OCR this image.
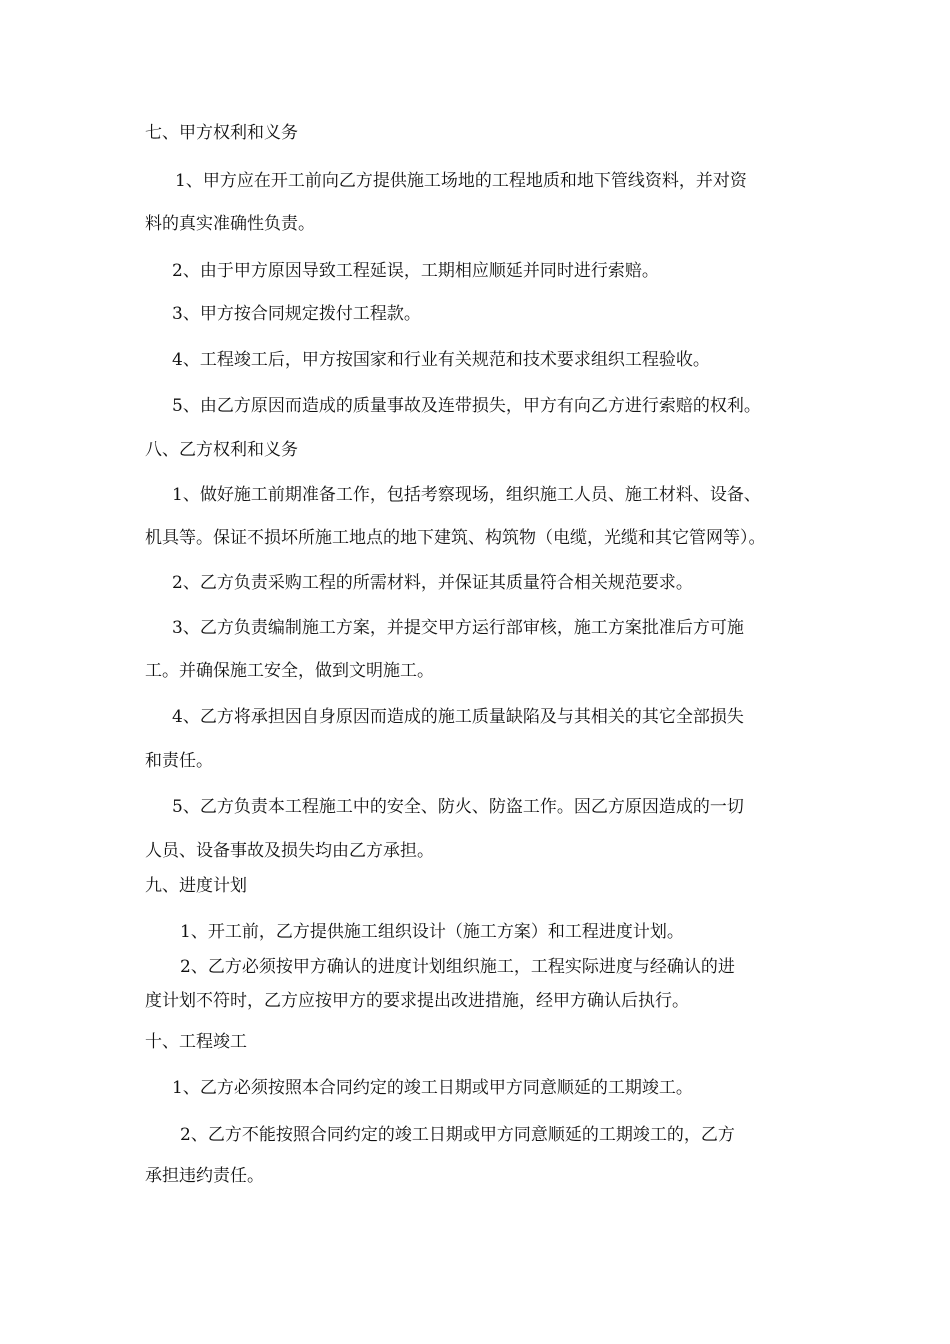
七、甲方权利和义务
1、甲方应在开工前向乙方提供施工场地的工程地质和地下管线资料，并对资
料的真实准确性负责。
2、由于甲方原因导致工程延误，工期相应顺延并同时进行索赔。
3、甲方按合同规定拨付工程款。
4、工程竣工后，甲方按国家和行业有关规范和技术要求组织工程验收。
5、由乙方原因而造成的质量事故及连带损失，甲方有向乙方进行索赔的权利。
八、乙方权利和义务
1、做好施工前期准备工作，包括考察现场，组织施工人员、施工材料、设备、
机具等。保证不损坏所施工地点的地下建筑、构筑物（电缆，光缆和其它管网等）。
2、乙方负责采购工程的所需材料，并保证其质量符合相关规范要求。
3、乙方负责编制施工方案，并提交甲方运行部审核，施工方案批准后方可施
工。并确保施工安全，做到文明施工。
4、乙方将承担因自身原因而造成的施工质量缺陷及与其相关的其它全部损失
和责任。
5、乙方负责本工程施工中的安全、防火、防盗工作。因乙方原因造成的一切
人员、设备事故及损失均由乙方承担。
九、进度计划
1、开工前，乙方提供施工组织设计（施工方案）和工程进度计划。
2、乙方必须按甲方确认的进度计划组织施工，工程实际进度与经确认的进
度计划不符时，乙方应按甲方的要求提出改进措施，经甲方确认后执行。
十、工程竣工
1、乙方必须按照本合同约定的竣工日期或甲方同意顺延的工期竣工。
2、乙方不能按照合同约定的竣工日期或甲方同意顺延的工期竣工的，乙方
承担违约责任。
